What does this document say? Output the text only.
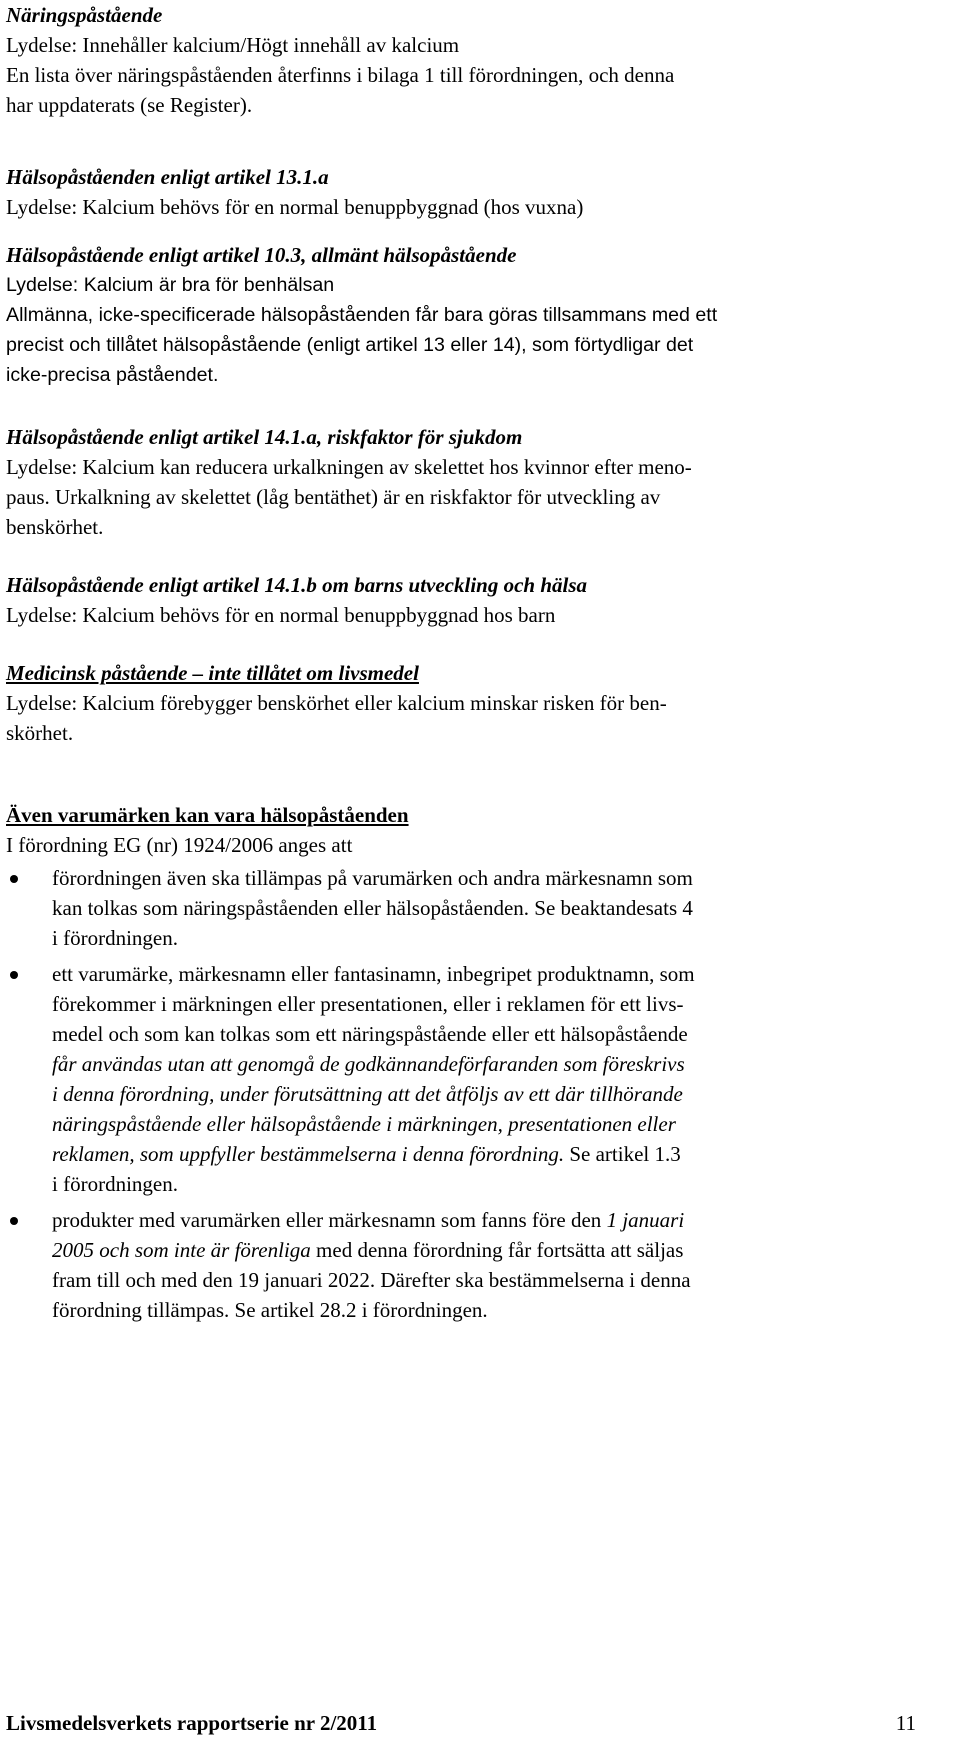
Näringspåstående
Lydelse: Innehåller kalcium/Högt innehåll av kalcium
En lista över näringspåståenden återfinns i bilaga 1 till förordningen, och denna
har uppdaterats (se Register).
Hälsopåståenden enligt artikel 13.1.a
Lydelse: Kalcium behövs för en normal benuppbyggnad (hos vuxna)
Hälsopåstående enligt artikel 10.3, allmänt hälsopåstående
Lydelse: Kalcium är bra för benhälsan
Allmänna, icke-specificerade hälsopåståenden får bara göras tillsammans med ett
precist och tillåtet hälsopåstående (enligt artikel 13 eller 14), som förtydligar det
icke-precisa påståendet.
Hälsopåstående enligt artikel 14.1.a, riskfaktor för sjukdom
Lydelse: Kalcium kan reducera urkalkningen av skelettet hos kvinnor efter meno-
paus. Urkalkning av skelettet (låg bentäthet) är en riskfaktor för utveckling av
benskörhet.
Hälsopåstående enligt artikel 14.1.b om barns utveckling och hälsa
Lydelse: Kalcium behövs för en normal benuppbyggnad hos barn
Medicinsk påstående – inte tillåtet om livsmedel
Lydelse: Kalcium förebygger benskörhet eller kalcium minskar risken för ben-
skörhet.
Även varumärken kan vara hälsopåståenden
I förordning EG (nr) 1924/2006 anges att
förordningen även ska tillämpas på varumärken och andra märkesnamn som
kan tolkas som näringspåståenden eller hälsopåståenden. Se beaktandesats 4
i förordningen.
ett varumärke, märkesnamn eller fantasinamn, inbegripet produktnamn, som
förekommer i märkningen eller presentationen, eller i reklamen för ett livs-
medel och som kan tolkas som ett näringspåstående eller ett hälsopåstående
får användas utan att genomgå de godkännandeförfaranden som föreskrivs
i denna förordning, under förutsättning att det åtföljs av ett där tillhörande
näringspåstående eller hälsopåstående i märkningen, presentationen eller
reklamen, som uppfyller bestämmelserna i denna förordning. Se artikel 1.3
i förordningen.
produkter med varumärken eller märkesnamn som fanns före den 1 januari
2005 och som inte är förenliga med denna förordning får fortsätta att säljas
fram till och med den 19 januari 2022. Därefter ska bestämmelserna i denna
förordning tillämpas. Se artikel 28.2 i förordningen.
Livsmedelsverkets rapportserie nr 2/2011	11
